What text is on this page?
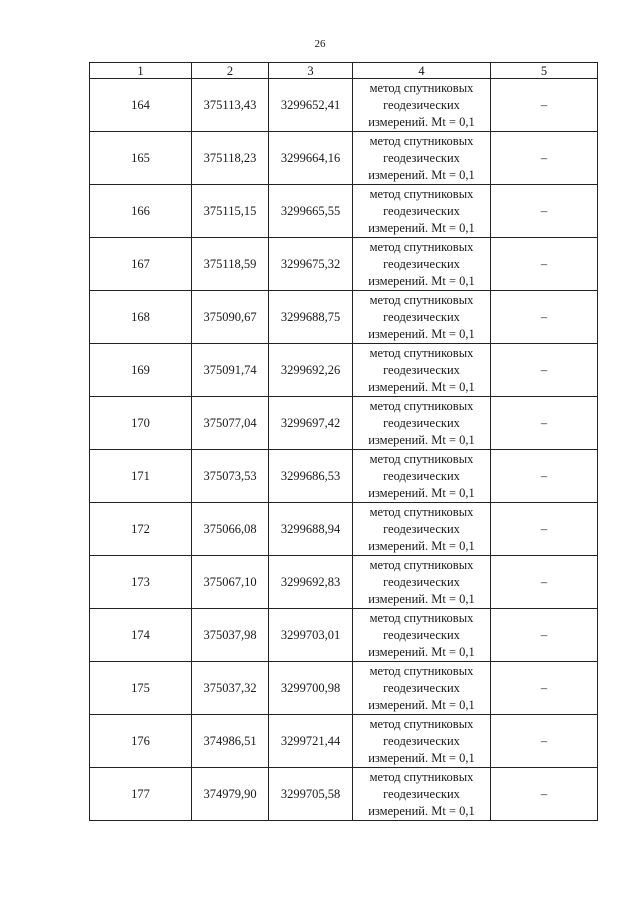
26
1	2	3	4	5
164	375113,43	3299652,41	метод спутниковых
геодезических
измерений. Mt = 0,1	–
165	375118,23	3299664,16	метод спутниковых
геодезических
измерений. Mt = 0,1	–
166	375115,15	3299665,55	метод спутниковых
геодезических
измерений. Mt = 0,1	–
167	375118,59	3299675,32	метод спутниковых
геодезических
измерений. Mt = 0,1	–
168	375090,67	3299688,75	метод спутниковых
геодезических
измерений. Mt = 0,1	–
169	375091,74	3299692,26	метод спутниковых
геодезических
измерений. Mt = 0,1	–
170	375077,04	3299697,42	метод спутниковых
геодезических
измерений. Mt = 0,1	–
171	375073,53	3299686,53	метод спутниковых
геодезических
измерений. Mt = 0,1	–
172	375066,08	3299688,94	метод спутниковых
геодезических
измерений. Mt = 0,1	–
173	375067,10	3299692,83	метод спутниковых
геодезических
измерений. Mt = 0,1	–
174	375037,98	3299703,01	метод спутниковых
геодезических
измерений. Mt = 0,1	–
175	375037,32	3299700,98	метод спутниковых
геодезических
измерений. Mt = 0,1	–
176	374986,51	3299721,44	метод спутниковых
геодезических
измерений. Mt = 0,1	–
177	374979,90	3299705,58	метод спутниковых
геодезических
измерений. Mt = 0,1	–
